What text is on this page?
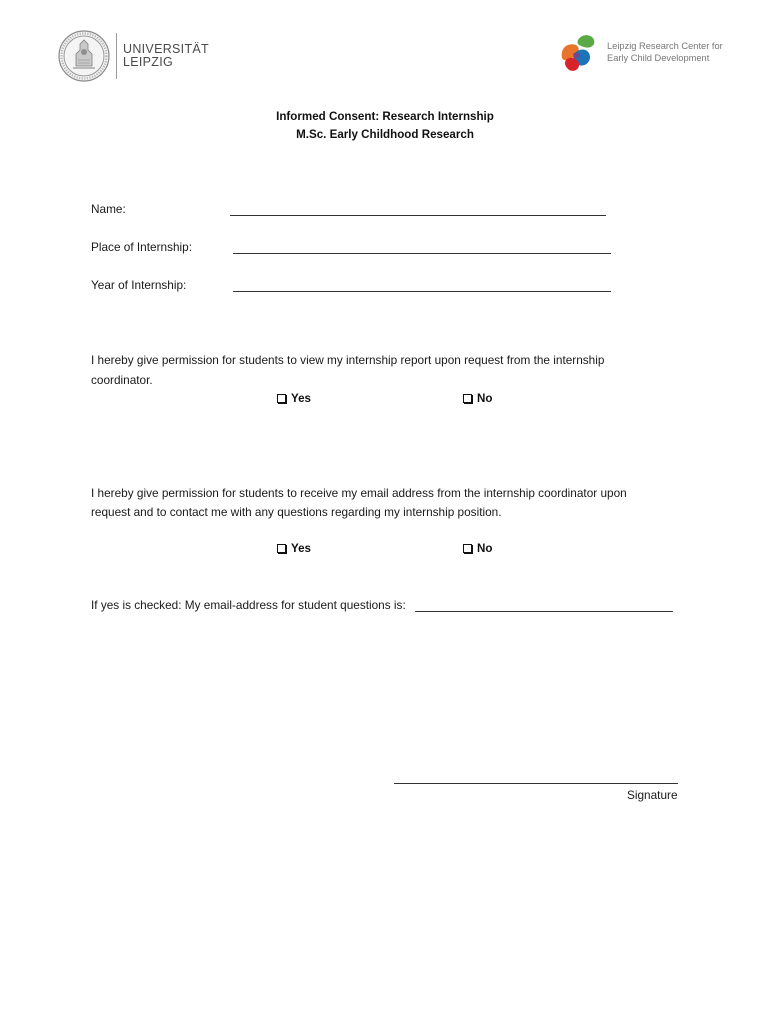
UNIVERSITÄT
LEIPZIG
Leipzig Research Center for
Early Child Development
Informed Consent: Research Internship
M.Sc. Early Childhood Research
Name:
Place of Internship:
Year of Internship:
I hereby give permission for students to view my internship report upon request from the internship
coordinator.
Yes	No
I hereby give permission for students to receive my email address from the internship coordinator upon
request and to contact me with any questions regarding my internship position.
Yes	No
If yes is checked: My email-address for student questions is:
Signature
